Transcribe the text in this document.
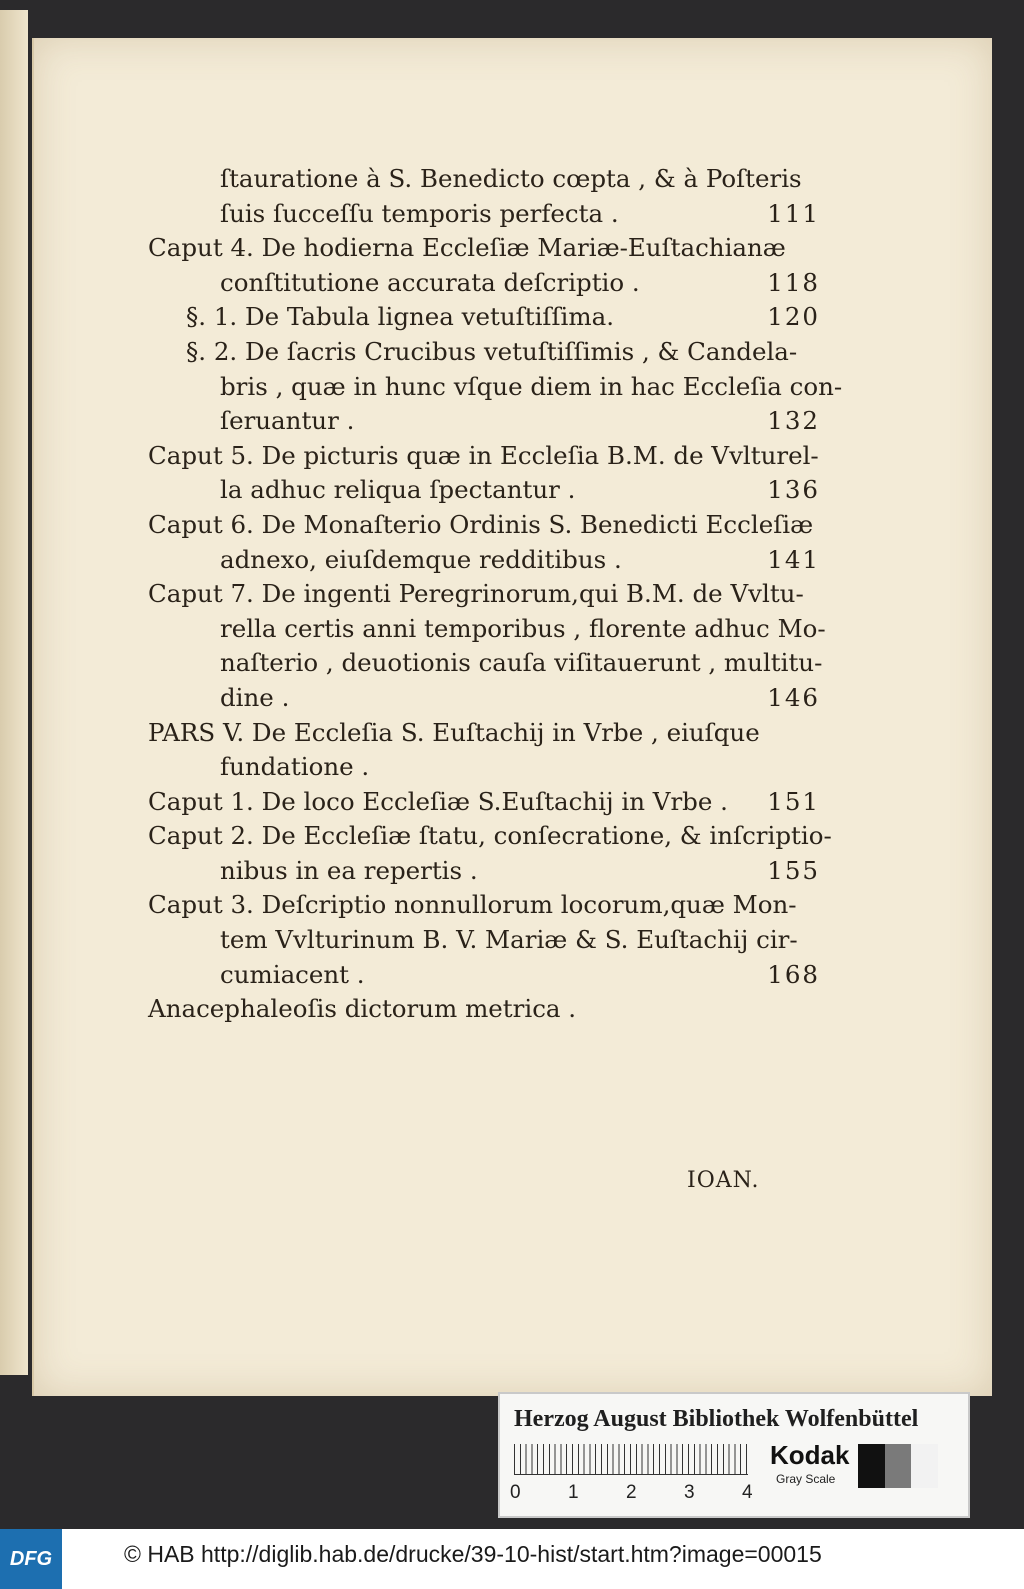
ſtauratione à S. Benedicto cœpta , & à Poſteris
ſuis ſucceſſu temporis perfecta .	111
Caput 4. De hodierna Eccleſiæ Mariæ-Euſtachianæ
conſtitutione accurata deſcriptio .	118
§. 1. De Tabula lignea vetuſtiſſima.	120
§. 2. De ſacris Crucibus vetuſtiſſimis , & Candela-
bris , quæ in hunc vſque diem in hac Eccleſia con-
ſeruantur .	132
Caput 5. De picturis quæ in Eccleſia B.M. de Vvlturel-
la adhuc reliqua ſpectantur .	136
Caput 6. De Monaſterio Ordinis S. Benedicti Eccleſiæ
adnexo, eiuſdemque redditibus .	141
Caput 7. De ingenti Peregrinorum,qui B.M. de Vvltu-
rella certis anni temporibus , florente adhuc Mo-
naſterio , deuotionis cauſa viſitauerunt , multitu-
dine .	146
PARS V. De Eccleſia S. Euſtachij in Vrbe , eiuſque
fundatione .
Caput 1. De loco Eccleſiæ S.Euſtachij in Vrbe . 151
Caput 2. De Eccleſiæ ſtatu, conſecratione, & inſcriptio-
nibus in ea repertis .	155
Caput 3. Deſcriptio nonnullorum locorum,quæ Mon-
tem Vvlturinum B. V. Mariæ & S. Euſtachij cir-
cumiacent .	168
Anacephaleoſis dictorum metrica .
IOAN.
Herzog August Bibliothek Wolfenbüttel
0 1 2 3 4
Kodak
Gray Scale
DFG	© HAB http://diglib.hab.de/drucke/39-10-hist/start.htm?image=00015
